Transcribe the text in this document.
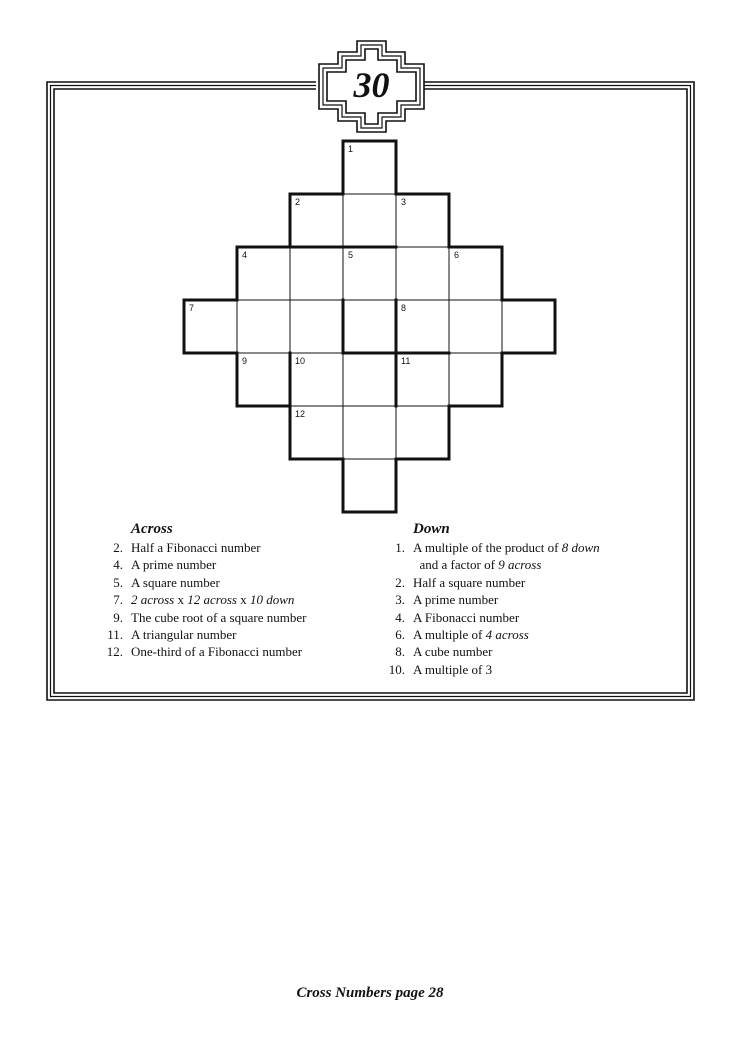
30
1
2	3
4	5	6
7	8
9	10	11
12
Across
2. Half a Fibonacci number
4. A prime number
5. A square number
7. 2 across x 12 across x 10 down
9. The cube root of a square number
11. A triangular number
12. One-third of a Fibonacci number
Down
1. A multiple of the product of 8 down
and a factor of 9 across
2. Half a square number
3. A prime number
4. A Fibonacci number
6. A multiple of 4 across
8. A cube number
10. A multiple of 3
Cross Numbers page 28
